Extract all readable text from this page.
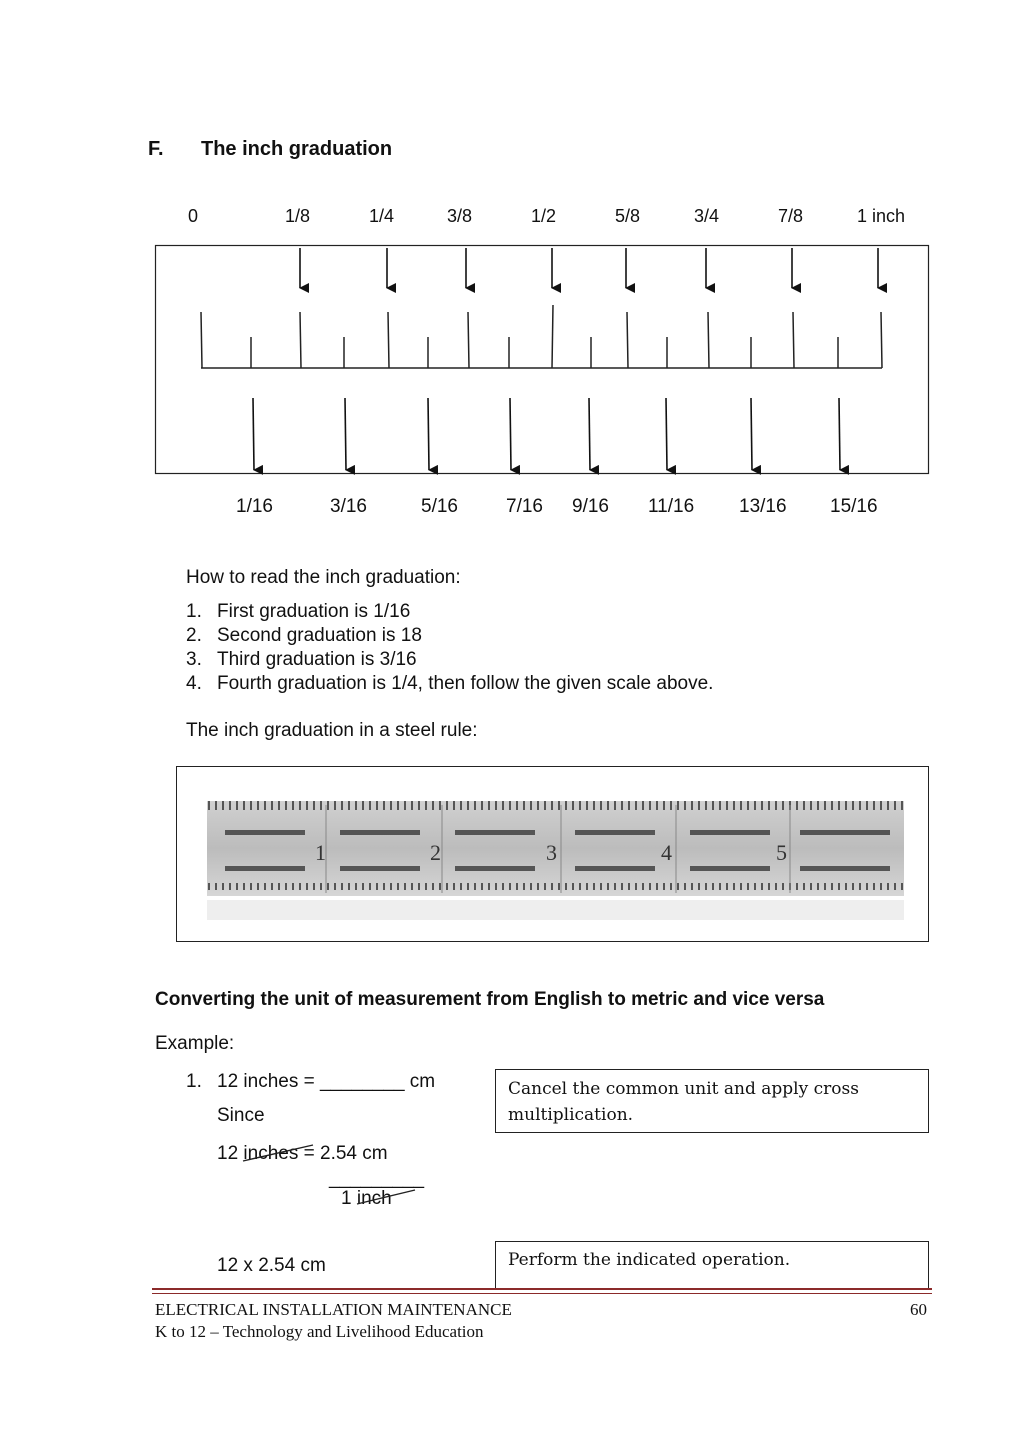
F. The inch graduation
0	1/8	1/4	3/8	1/2	5/8	3/4	7/8	1 inch
1/16	3/16	5/16	7/16 9/16 11/16 13/16 15/16
How to read the inch graduation:
1. First graduation is 1/16
2. Second graduation is 18
3. Third graduation is 3/16
4. Fourth graduation is 1/4, then follow the given scale above.
The inch graduation in a steel rule:
1	2	3	4	5
Converting the unit of measurement from English to metric and vice versa
Example:
1. 12 inches = ________ cm
Since
12 inches
= 2.54 cm
_________
1 inch
12 x 2.54 cm
Cancel the common unit and apply cross multiplication.
Perform the indicated operation.
ELECTRICAL INSTALLATION MAINTENANCE
K to 12 – Technology and Livelihood Education
60
